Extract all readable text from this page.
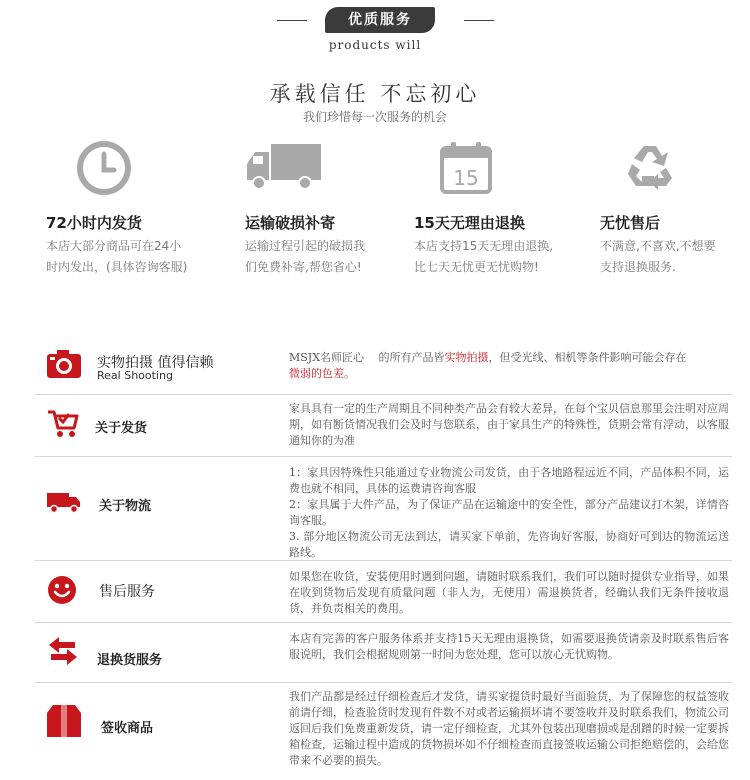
优质服务
products will
承载信任 不忘初心
我们珍惜每一次服务的机会
72小时内发货
本店大部分商品可在24小
时内发出，(具体咨询客服)
运输破损补寄
运输过程引起的破损我
们免费补寄,帮您省心!
15
15天无理由退换
本店支持15天无理由退换,
比七天无忧更无忧购物!
无忧售后
不满意,不喜欢,不想要
支持退换服务.
实物拍摄 值得信赖
Real Shooting
MSJX名师匠心　 的所有产品皆实物拍摄，但受光线、相机等条件影响可能会存在
微弱的色差。
关于发货
家具具有一定的生产周期且不同种类产品会有较大差异，在每个宝贝信息那里会注明对应周期，如有断货情况我们会及时与您联系，由于家具生产的特殊性，货期会常有浮动，以客服通知你的为准
关于物流
1：家具因特殊性只能通过专业物流公司发货，由于各地路程远近不同，产品体积不同，运费也就不相同，具体的运费请咨询客服
2：家具属于大件产品，为了保证产品在运输途中的安全性，部分产品建议打木架，详情咨询客服。
3. 部分地区物流公司无法到达，请买家下单前，先咨询好客服，协商好可到达的物流运送路线。
售后服务
如果您在收货，安装使用时遇到问题，请随时联系我们，我们可以随时提供专业指导，如果在收到货物后发现有质量问题（非人为，无使用）需退换货者，经确认我们无条件接收退货，并负责相关的费用。
退换货服务
本店有完善的客户服务体系并支持15天无理由退换货，如需要退换货请亲及时联系售后客服说明，我们会根据规则第一时间为您处理，您可以放心无忧购物。
签收商品
我们产品都是经过仔细检查后才发货，请买家提货时最好当面验货，为了保障您的权益签收前请仔细，检查验货时发现有件数不对或者运输损坏请不要签收并及时联系我们，物流公司返回后我们免费重新发货，请一定仔细检查，尤其外包装出现磨损或是刮蹭的时候一定要拆箱检查，运输过程中造成的货物损坏如不仔细检查而直接签收运输公司拒绝赔偿的，会给您带来不必要的损失。
